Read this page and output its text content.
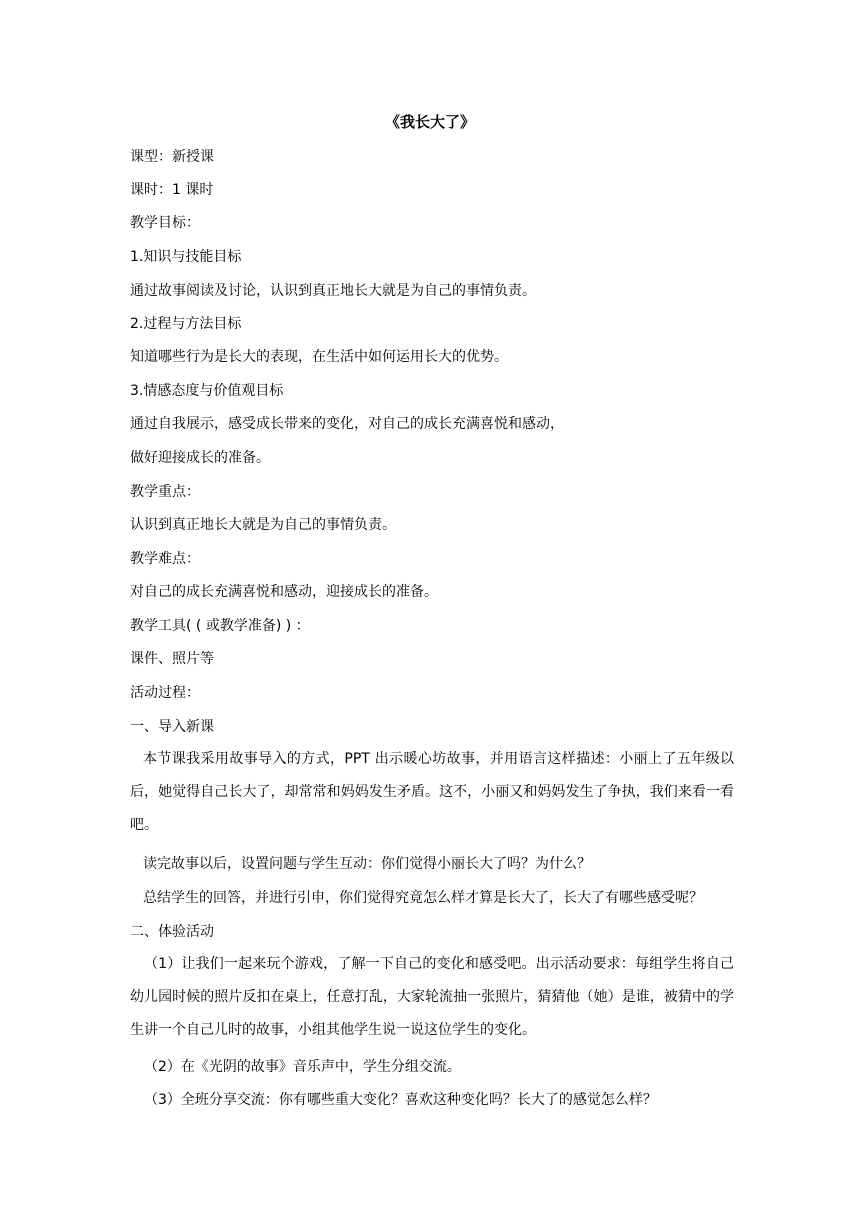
《我长大了》
课型：新授课
课时：1 课时
教学目标：
1.知识与技能目标
通过故事阅读及讨论，认识到真正地长大就是为自己的事情负责。
2.过程与方法目标
知道哪些行为是长大的表现，在生活中如何运用长大的优势。
3.情感态度与价值观目标
通过自我展示，感受成长带来的变化，对自己的成长充满喜悦和感动，
做好迎接成长的准备。
教学重点：
认识到真正地长大就是为自己的事情负责。
教学难点：
对自己的成长充满喜悦和感动，迎接成长的准备。
教学工具( ( 或教学准备) ) ：
课件、照片等
活动过程：
一、导入新课
本节课我采用故事导入的方式，PPT 出示暖心坊故事，并用语言这样描述：小丽上了五年级以后，她觉得自己长大了，却常常和妈妈发生矛盾。这不，小丽又和妈妈发生了争执，我们来看一看吧。
读完故事以后，设置问题与学生互动：你们觉得小丽长大了吗？为什么？
总结学生的回答，并进行引申，你们觉得究竟怎么样才算是长大了，长大了有哪些感受呢？
二、体验活动
（1）让我们一起来玩个游戏，了解一下自己的变化和感受吧。出示活动要求：每组学生将自己幼儿园时候的照片反扣在桌上，任意打乱，大家轮流抽一张照片，猜猜他（她）是谁，被猜中的学生讲一个自己儿时的故事，小组其他学生说一说这位学生的变化。
（2）在《光阴的故事》音乐声中，学生分组交流。
（3）全班分享交流：你有哪些重大变化？喜欢这种变化吗？长大了的感觉怎么样？
